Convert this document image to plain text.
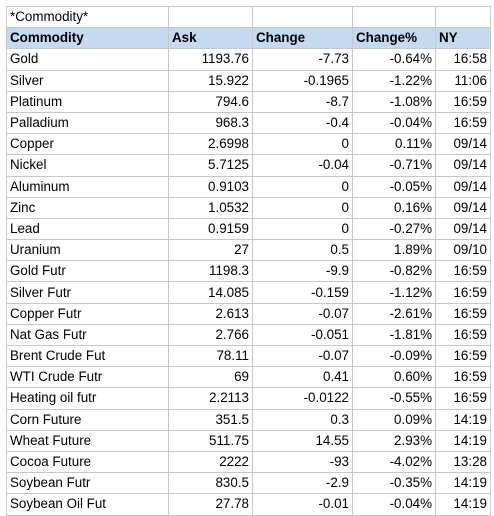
*Commodity*				
Commodity	Ask	Change	Change%	NY
Gold	1193.76	-7.73	-0.64%	16:58
Silver	15.922	-0.1965	-1.22%	11:06
Platinum	794.6	-8.7	-1.08%	16:59
Palladium	968.3	-0.4	-0.04%	16:59
Copper	2.6998	0	0.11%	09/14
Nickel	5.7125	-0.04	-0.71%	09/14
Aluminum	0.9103	0	-0.05%	09/14
Zinc	1.0532	0	0.16%	09/14
Lead	0.9159	0	-0.27%	09/14
Uranium	27	0.5	1.89%	09/10
Gold Futr	1198.3	-9.9	-0.82%	16:59
Silver Futr	14.085	-0.159	-1.12%	16:59
Copper Futr	2.613	-0.07	-2.61%	16:59
Nat Gas Futr	2.766	-0.051	-1.81%	16:59
Brent Crude Fut	78.11	-0.07	-0.09%	16:59
WTI Crude Futr	69	0.41	0.60%	16:59
Heating oil futr	2.2113	-0.0122	-0.55%	16:59
Corn Future	351.5	0.3	0.09%	14:19
Wheat Future	511.75	14.55	2.93%	14:19
Cocoa Future	2222	-93	-4.02%	13:28
Soybean Futr	830.5	-2.9	-0.35%	14:19
Soybean Oil Fut	27.78	-0.01	-0.04%	14:19
